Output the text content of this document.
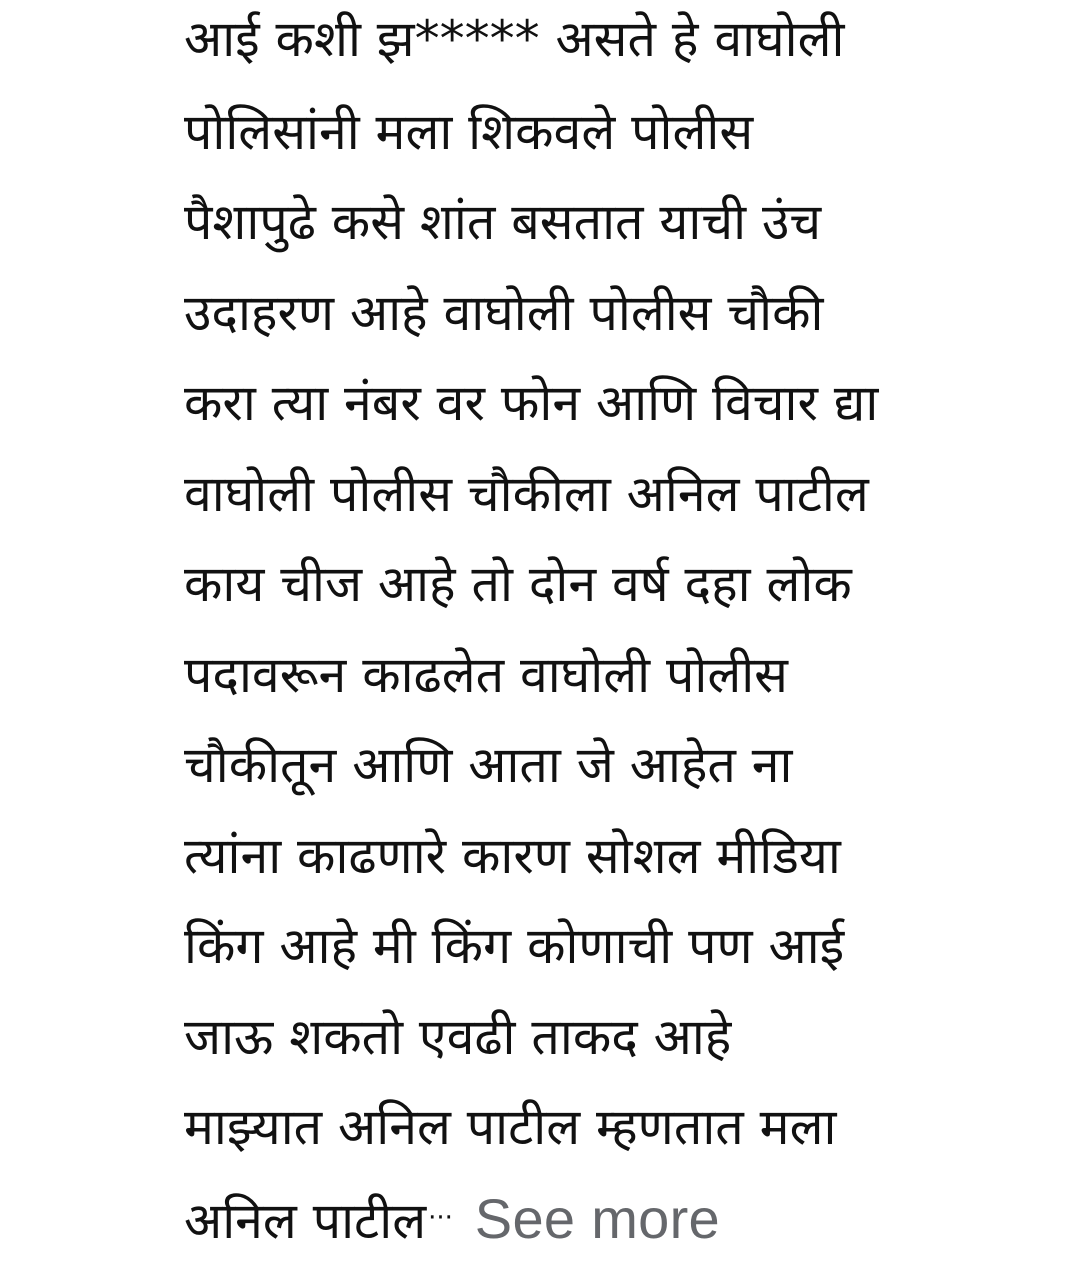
आई कशी झ***** असते हे वाघोली
पोलिसांनी मला शिकवले पोलीस
पैशापुढे कसे शांत बसतात याची उंच
उदाहरण आहे वाघोली पोलीस चौकी
करा त्या नंबर वर फोन आणि विचार द्या
वाघोली पोलीस चौकीला अनिल पाटील
काय चीज आहे तो दोन वर्ष दहा लोक
पदावरून काढलेत वाघोली पोलीस
चौकीतून आणि आता जे आहेत ना
त्यांना काढणारे कारण सोशल मीडिया
किंग आहे मी किंग कोणाची पण आई
जाऊ शकतो एवढी ताकद आहे
माझ्यात अनिल पाटील म्हणतात मला
अनिल पाटील··· See more
